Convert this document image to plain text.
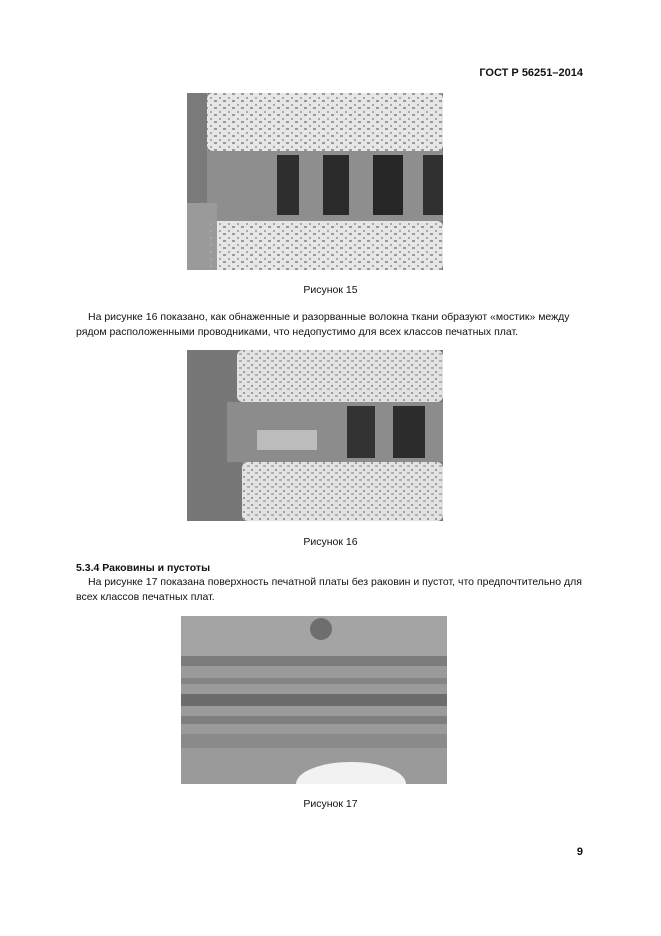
ГОСТ Р 56251–2014
Рисунок 15
На рисунке 16 показано, как обнаженные и разорванные волокна ткани образуют «мостик» между рядом расположенными проводниками, что недопустимо для всех классов печатных плат.
Рисунок 16
5.3.4 Раковины и пустоты
На рисунке 17 показана поверхность печатной платы без раковин и пустот, что предпочтительно для всех классов печатных плат.
Рисунок 17
9
